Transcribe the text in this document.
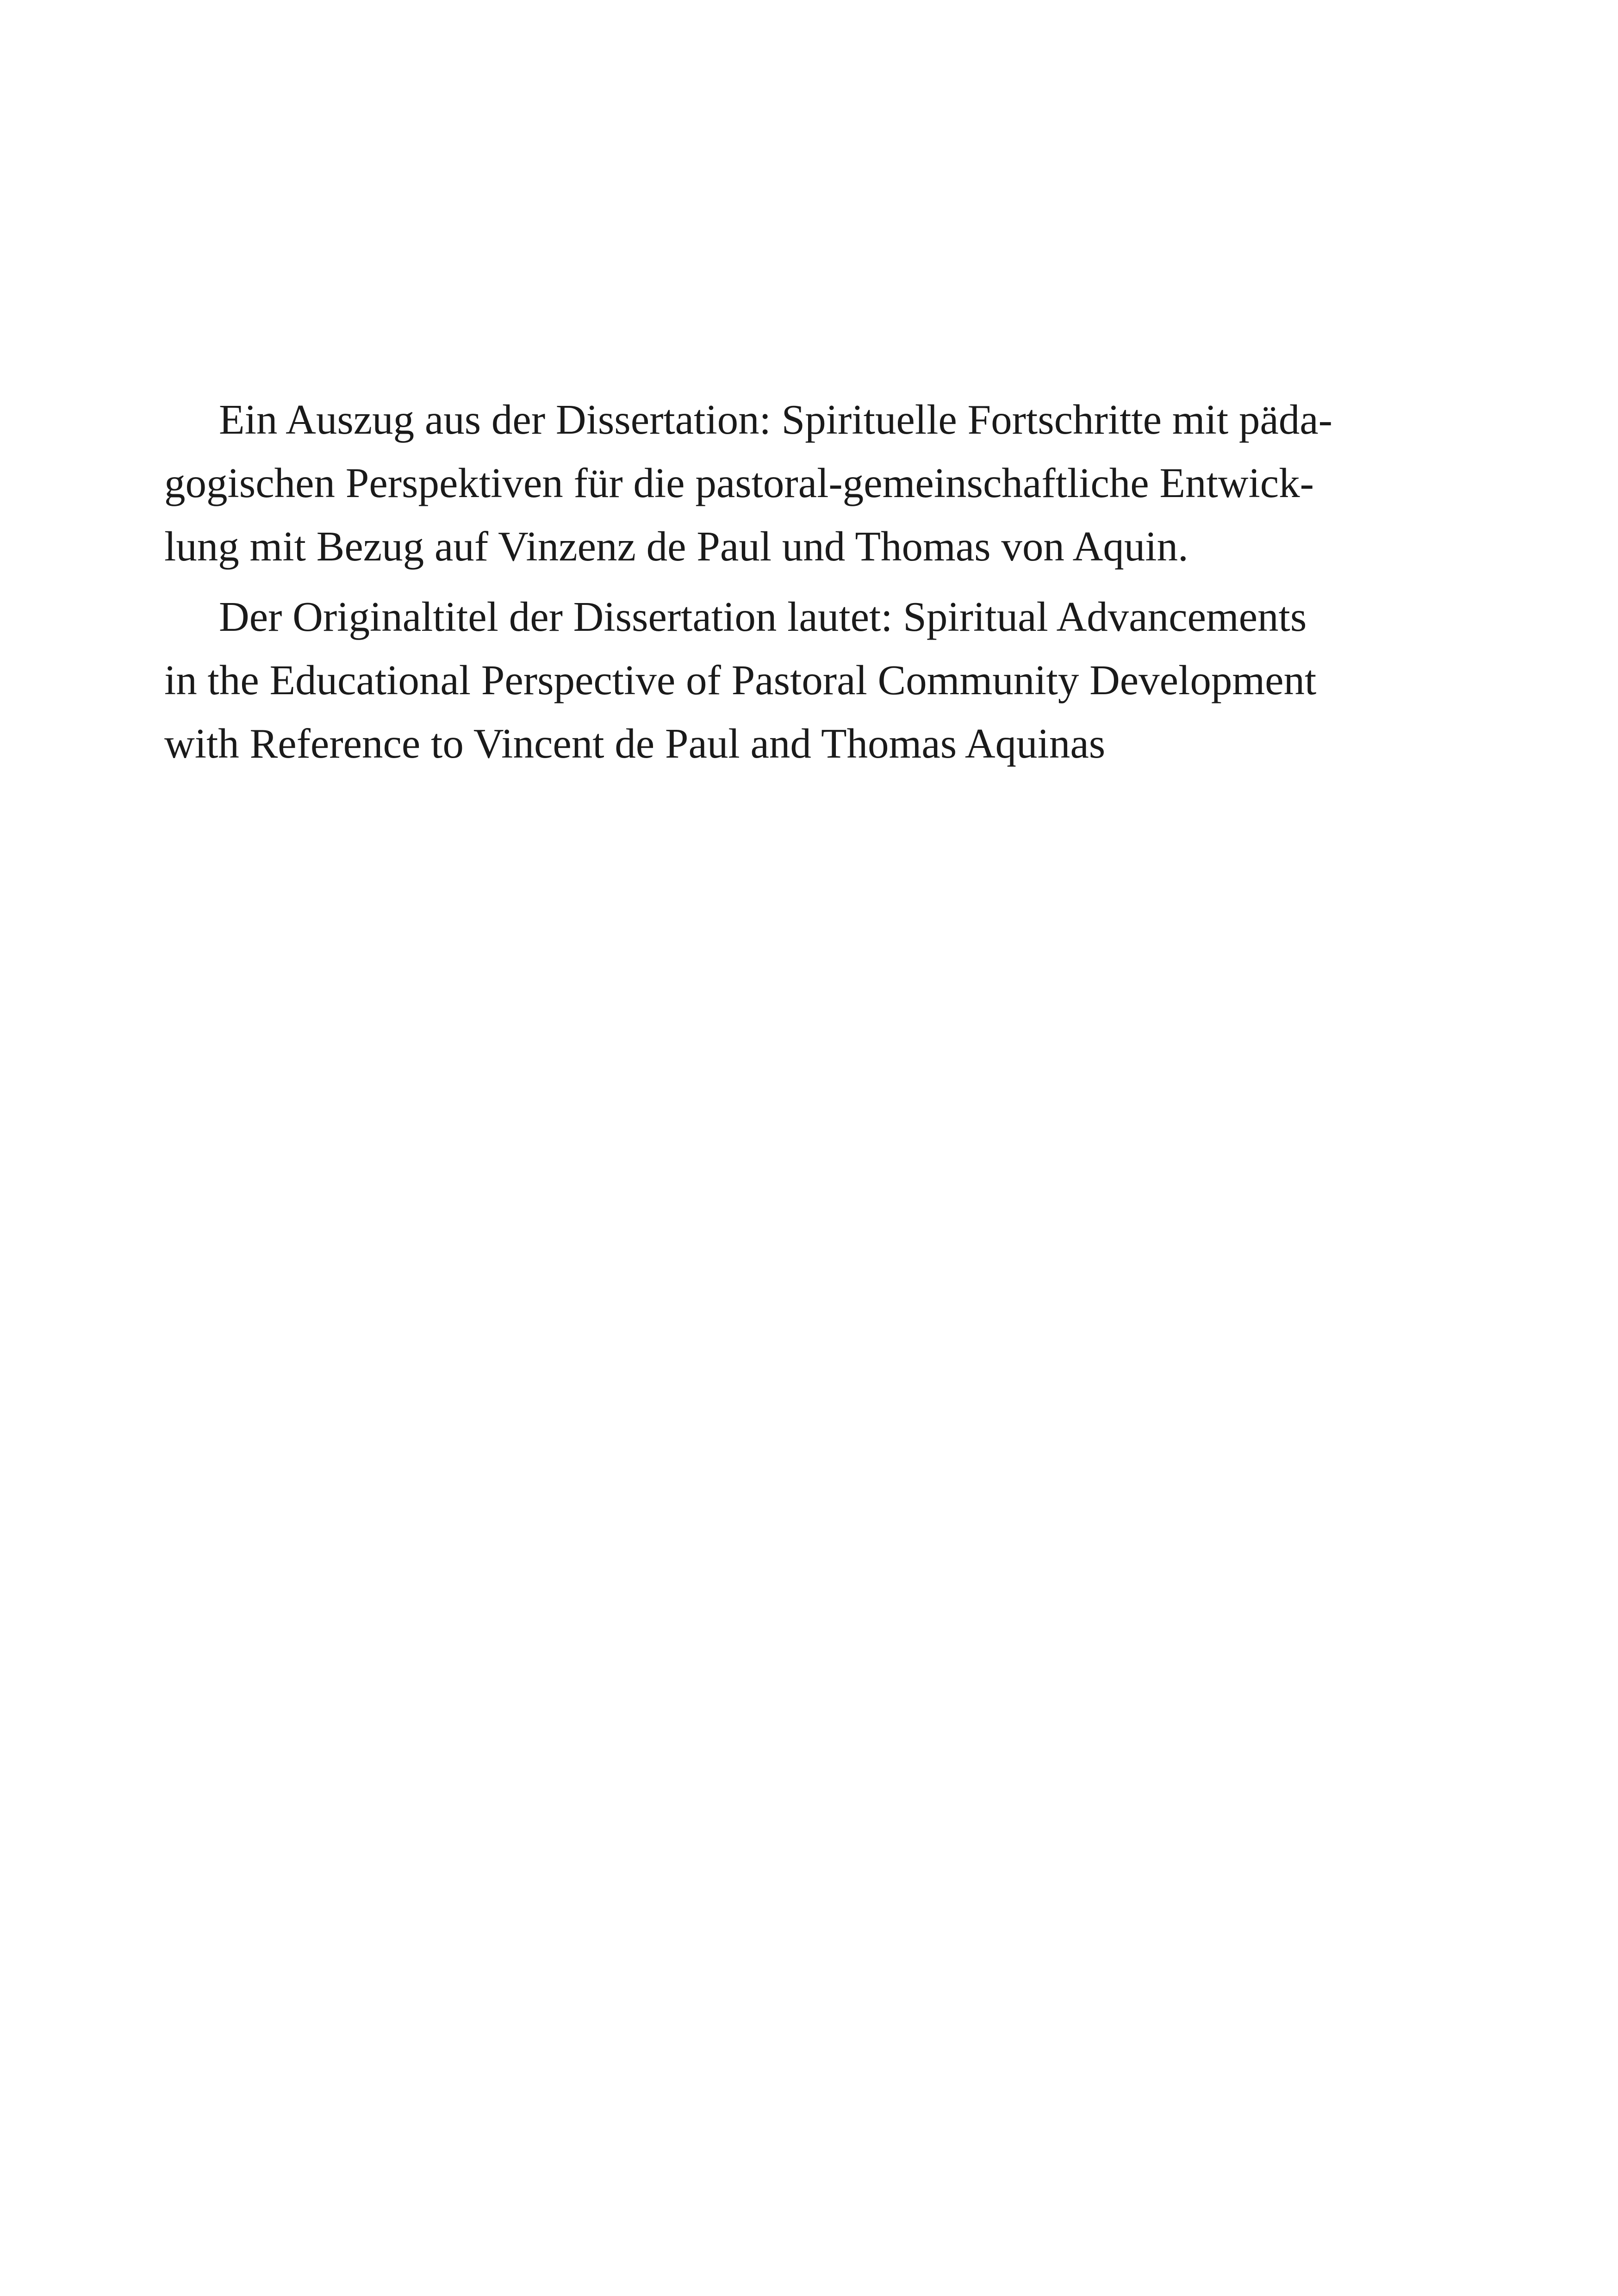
Ein Auszug aus der Dissertation: Spirituelle Fortschritte mit päda-
gogischen Perspektiven für die pastoral-gemeinschaftliche Entwick-
lung mit Bezug auf Vinzenz de Paul und Thomas von Aquin.

Der Originaltitel der Dissertation lautet: Spiritual Advancements
in the Educational Perspective of Pastoral Community Development
with Reference to Vincent de Paul and Thomas Aquinas
